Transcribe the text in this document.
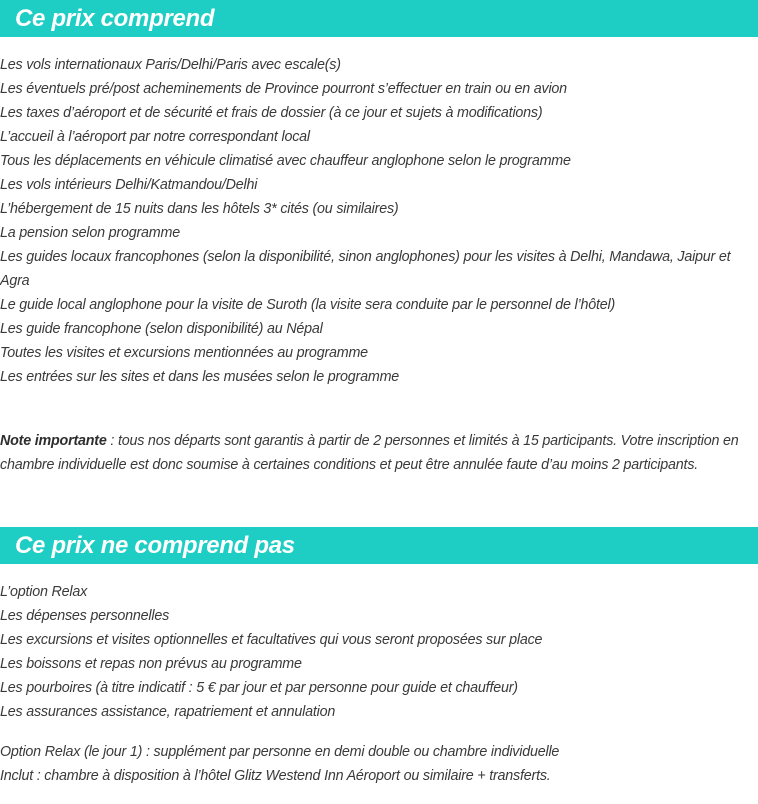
Ce prix comprend
Les vols internationaux Paris/Delhi/Paris avec escale(s)
Les éventuels pré/post acheminements de Province pourront s’effectuer en train ou en avion
Les taxes d’aéroport et de sécurité et frais de dossier (à ce jour et sujets à modifications)
L’accueil à l’aéroport par notre correspondant local
Tous les déplacements en véhicule climatisé avec chauffeur anglophone selon le programme
Les vols intérieurs Delhi/Katmandou/Delhi
L’hébergement de 15 nuits dans les hôtels 3* cités (ou similaires)
La pension selon programme
Les guides locaux francophones (selon la disponibilité, sinon anglophones) pour les visites à Delhi, Mandawa, Jaipur et Agra
Le guide local anglophone pour la visite de Suroth (la visite sera conduite par le personnel de l’hôtel)
Les guide francophone (selon disponibilité) au Népal
Toutes les visites et excursions mentionnées au programme
Les entrées sur les sites et dans les musées selon le programme

Note importante : tous nos départs sont garantis à partir de 2 personnes et limités à 15 participants. Votre inscription en chambre individuelle est donc soumise à certaines conditions et peut être annulée faute d’au moins 2 participants.

Ce prix ne comprend pas
L’option Relax
Les dépenses personnelles
Les excursions et visites optionnelles et facultatives qui vous seront proposées sur place
Les boissons et repas non prévus au programme
Les pourboires (à titre indicatif : 5 € par jour et par personne pour guide et chauffeur)
Les assurances assistance, rapatriement et annulation

Option Relax (le jour 1) : supplément par personne en demi double ou chambre individuelle
Inclut : chambre à disposition à l’hôtel Glitz Westend Inn Aéroport ou similaire + transferts.
